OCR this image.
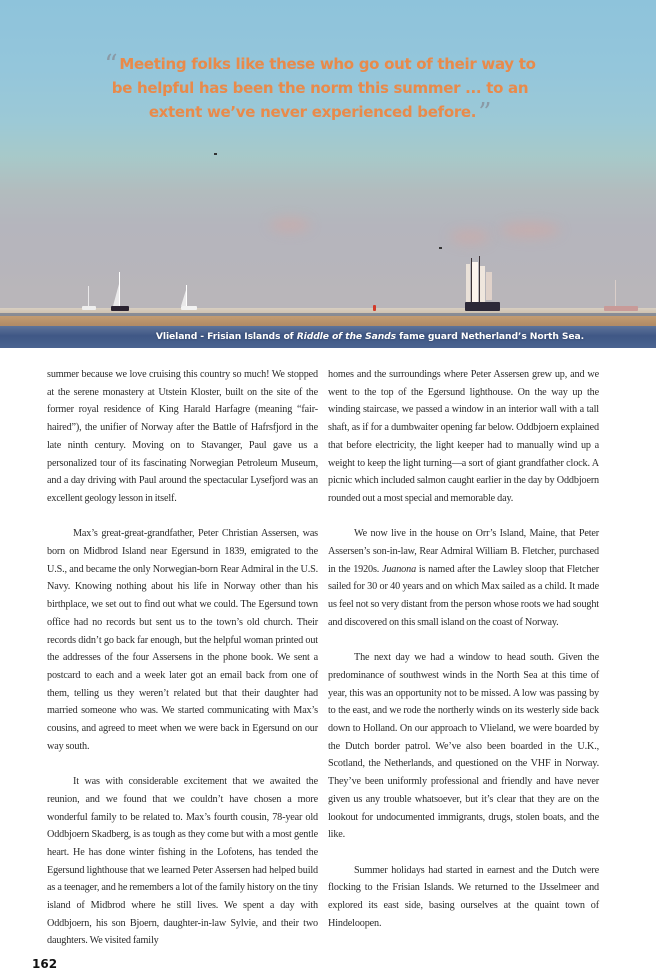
“ Meeting folks like these who go out of their way to be helpful has been the norm this summer ... to an extent we’ve never experienced before.”
Vlieland - Frisian Islands of Riddle of the Sands fame guard Netherland’s North Sea.

summer because we love cruising this country so much! We stopped at the serene monastery at Utstein Kloster, built on the site of the former royal residence of King Harald Harfagre (meaning “fair-haired”), the unifier of Norway after the Battle of Hafrsfjord in the late ninth century. Moving on to Stavanger, Paul gave us a personalized tour of its fascinating Norwegian Petroleum Museum, and a day driving with Paul around the spectacular Lysefjord was an excellent geology lesson in itself.

Max’s great-great-grandfather, Peter Christian Assersen, was born on Midbrod Island near Egersund in 1839, emigrated to the U.S., and became the only Norwegian-born Rear Admiral in the U.S. Navy. Knowing nothing about his life in Norway other than his birthplace, we set out to find out what we could. The Egersund town office had no records but sent us to the town’s old church. Their records didn’t go back far enough, but the helpful woman printed out the addresses of the four Assersens in the phone book. We sent a postcard to each and a week later got an email back from one of them, telling us they weren’t related but that their daughter had married someone who was. We started communicating with Max’s cousins, and agreed to meet when we were back in Egersund on our way south.

It was with considerable excitement that we awaited the reunion, and we found that we couldn’t have chosen a more wonderful family to be related to. Max’s fourth cousin, 78-year old Oddbjoern Skadberg, is as tough as they come but with a most gentle heart. He has done winter fishing in the Lofotens, has tended the Egersund lighthouse that we learned Peter Assersen had helped build as a teenager, and he remembers a lot of the family history on the tiny island of Midbrod where he still lives. We spent a day with Oddbjoern, his son Bjoern, daughter-in-law Sylvie, and their two daughters. We visited family

homes and the surroundings where Peter Assersen grew up, and we went to the top of the Egersund lighthouse. On the way up the winding staircase, we passed a window in an interior wall with a tall shaft, as if for a dumbwaiter opening far below. Oddbjoern explained that before electricity, the light keeper had to manually wind up a weight to keep the light turning—a sort of giant grandfather clock. A picnic which included salmon caught earlier in the day by Oddbjoern rounded out a most special and memorable day.

We now live in the house on Orr’s Island, Maine, that Peter Assersen’s son-in-law, Rear Admiral William B. Fletcher, purchased in the 1920s. Juanona is named after the Lawley sloop that Fletcher sailed for 30 or 40 years and on which Max sailed as a child. It made us feel not so very distant from the person whose roots we had sought and discovered on this small island on the coast of Norway.

The next day we had a window to head south. Given the predominance of southwest winds in the North Sea at this time of year, this was an opportunity not to be missed. A low was passing by to the east, and we rode the northerly winds on its westerly side back down to Holland. On our approach to Vlieland, we were boarded by the Dutch border patrol. We’ve also been boarded in the U.K., Scotland, the Netherlands, and questioned on the VHF in Norway. They’ve been uniformly professional and friendly and have never given us any trouble whatsoever, but it’s clear that they are on the lookout for undocumented immigrants, drugs, stolen boats, and the like.

Summer holidays had started in earnest and the Dutch were flocking to the Frisian Islands. We returned to the IJsselmeer and explored its east side, basing ourselves at the quaint town of Hindeloopen.

162
